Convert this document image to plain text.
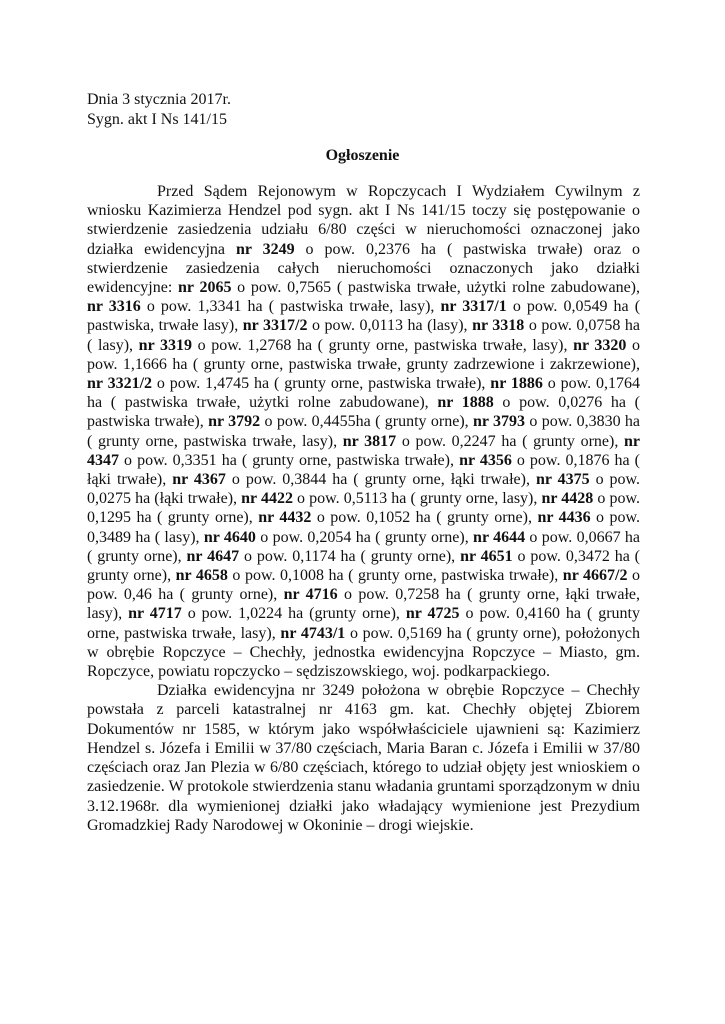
Dnia 3 stycznia 2017r.
Sygn. akt I Ns 141/15
Ogłoszenie

Przed Sądem Rejonowym w Ropczycach I Wydziałem Cywilnym z wniosku Kazimierza Hendzel pod sygn. akt I Ns 141/15 toczy się postępowanie o stwierdzenie zasiedzenia udziału 6/80 części w nieruchomości oznaczonej jako działka ewidencyjna nr 3249 o pow. 0,2376 ha ( pastwiska trwałe) oraz o stwierdzenie zasiedzenia całych nieruchomości oznaczonych jako działki ewidencyjne: nr 2065 o pow. 0,7565 ( pastwiska trwałe, użytki rolne zabudowane), nr 3316 o pow. 1,3341 ha ( pastwiska trwałe, lasy), nr 3317/1 o pow. 0,0549 ha ( pastwiska, trwałe lasy), nr 3317/2 o pow. 0,0113 ha (lasy), nr 3318 o pow. 0,0758 ha ( lasy), nr 3319 o pow. 1,2768 ha ( grunty orne, pastwiska trwałe, lasy), nr 3320 o pow. 1,1666 ha ( grunty orne, pastwiska trwałe, grunty zadrzewione i zakrzewione), nr 3321/2 o pow. 1,4745 ha ( grunty orne, pastwiska trwałe), nr 1886 o pow. 0,1764 ha ( pastwiska trwałe, użytki rolne zabudowane), nr 1888 o pow. 0,0276 ha ( pastwiska trwałe), nr 3792 o pow. 0,4455ha ( grunty orne), nr 3793 o pow. 0,3830 ha ( grunty orne, pastwiska trwałe, lasy), nr 3817 o pow. 0,2247 ha ( grunty orne), nr 4347 o pow. 0,3351 ha ( grunty orne, pastwiska trwałe), nr 4356 o pow. 0,1876 ha ( łąki trwałe), nr 4367 o pow. 0,3844 ha ( grunty orne, łąki trwałe), nr 4375 o pow. 0,0275 ha (łąki trwałe), nr 4422 o pow. 0,5113 ha ( grunty orne, lasy), nr 4428 o pow. 0,1295 ha ( grunty orne), nr 4432 o pow. 0,1052 ha ( grunty orne), nr 4436 o pow. 0,3489 ha ( lasy), nr 4640 o pow. 0,2054 ha ( grunty orne), nr 4644 o pow. 0,0667 ha ( grunty orne), nr 4647 o pow. 0,1174 ha ( grunty orne), nr 4651 o pow. 0,3472 ha ( grunty orne), nr 4658 o pow. 0,1008 ha ( grunty orne, pastwiska trwałe), nr 4667/2 o pow. 0,46 ha ( grunty orne), nr 4716 o pow. 0,7258 ha ( grunty orne, łąki trwałe, lasy), nr 4717 o pow. 1,0224 ha (grunty orne), nr 4725 o pow. 0,4160 ha ( grunty orne, pastwiska trwałe, lasy), nr 4743/1 o pow. 0,5169 ha ( grunty orne), położonych w obrębie Ropczyce – Chechły, jednostka ewidencyjna Ropczyce – Miasto, gm. Ropczyce, powiatu ropczycko – sędziszowskiego, woj. podkarpackiego.

Działka ewidencyjna nr 3249 położona w obrębie Ropczyce – Chechły powstała z parceli katastralnej nr 4163 gm. kat. Chechły objętej Zbiorem Dokumentów nr 1585, w którym jako współwłaściciele ujawnieni są: Kazimierz Hendzel s. Józefa i Emilii w 37/80 częściach, Maria Baran c. Józefa i Emilii w 37/80 częściach oraz Jan Plezia w 6/80 częściach, którego to udział objęty jest wnioskiem o zasiedzenie. W protokole stwierdzenia stanu władania gruntami sporządzonym w dniu 3.12.1968r. dla wymienionej działki jako władający wymienione jest Prezydium Gromadzkiej Rady Narodowej w Okoninie – drogi wiejskie.
